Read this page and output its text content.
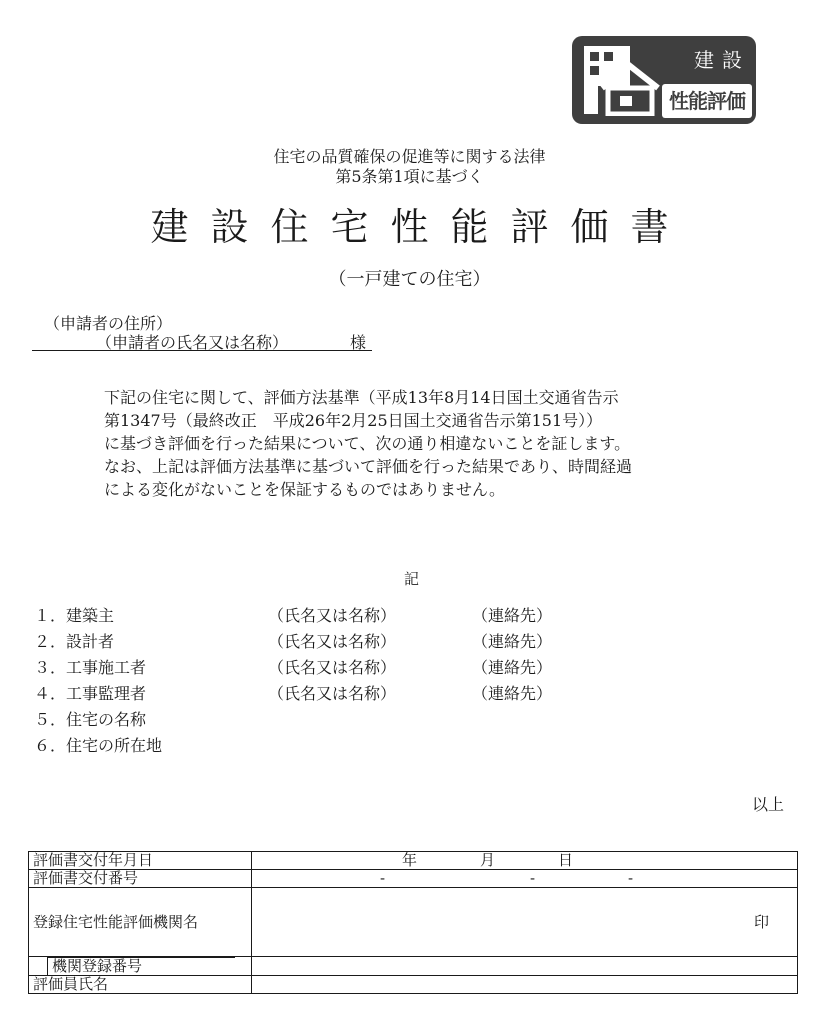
建設
性能評価
住宅の品質確保の促進等に関する法律
第5条第1項に基づく
建設住宅性能評価書
（一戸建ての住宅）
（申請者の住所）
（申請者の氏名又は名称）	様
下記の住宅に関して、評価方法基準（平成13年8月14日国土交通省告示
第1347号（最終改正　平成26年2月25日国土交通省告示第151号））
に基づき評価を行った結果について、次の通り相違ないことを証します。
なお、上記は評価方法基準に基づいて評価を行った結果であり、時間経過
による変化がないことを保証するものではありません。
記
１．建築主	（氏名又は名称）	（連絡先）
２．設計者	（氏名又は名称）	（連絡先）
３．工事施工者	（氏名又は名称）	（連絡先）
４．工事監理者	（氏名又は名称）	（連絡先）
５．住宅の名称
６．住宅の所在地
以上
評価書交付年月日	年 月 日

評価書交付番号	- - -

登録住宅性能評価機関名	印
機関登録番号	
評価員氏名	
